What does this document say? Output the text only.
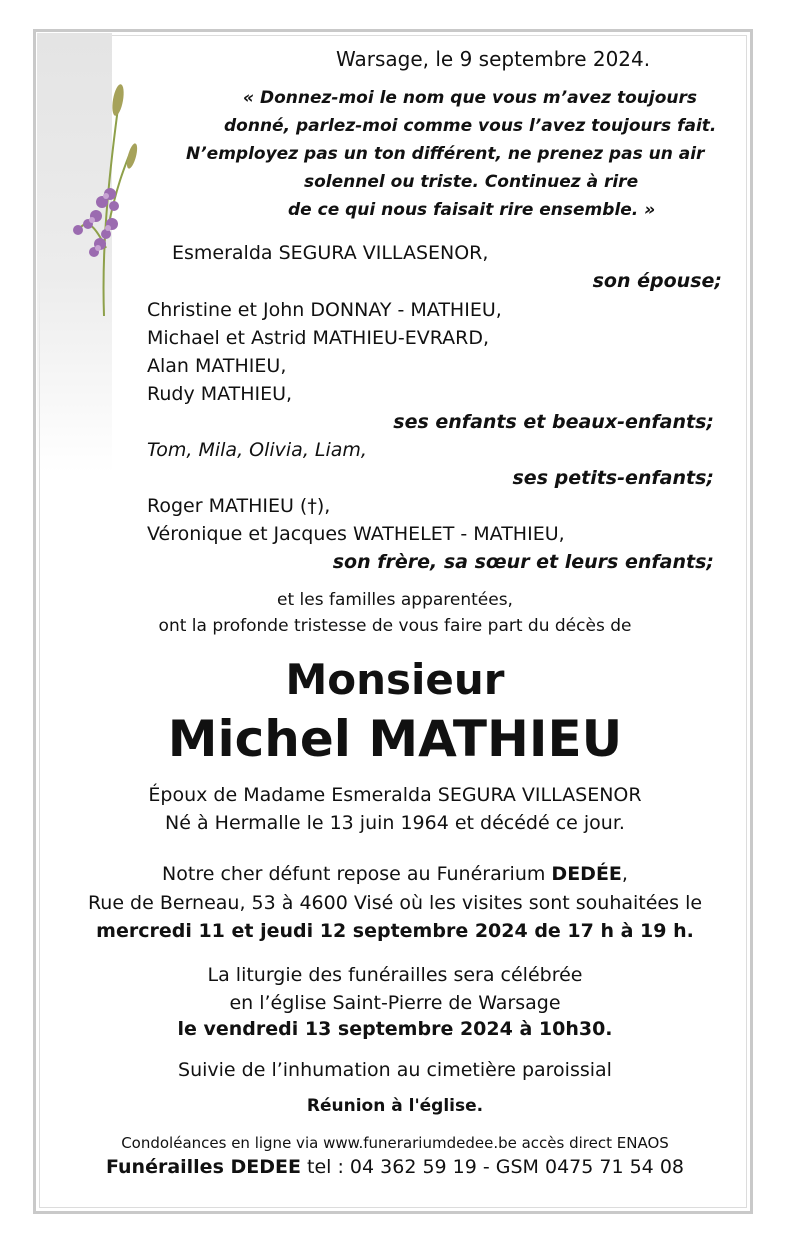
Warsage, le 9 septembre 2024.
« Donnez-moi le nom que vous m’avez toujours
donné, parlez-moi comme vous l’avez toujours fait.
N’employez pas un ton différent, ne prenez pas un air
solennel ou triste. Continuez à rire
de ce qui nous faisait rire ensemble. »
Esmeralda SEGURA VILLASENOR,
son épouse;
Christine et John DONNAY - MATHIEU,
Michael et Astrid MATHIEU-EVRARD,
Alan MATHIEU,
Rudy MATHIEU,
ses enfants et beaux-enfants;
Tom, Mila, Olivia, Liam,
ses petits-enfants;
Roger MATHIEU (†),
Véronique et Jacques WATHELET - MATHIEU,
son frère, sa sœur et leurs enfants;
et les familles apparentées,
ont la profonde tristesse de vous faire part du décès de
Monsieur
Michel MATHIEU
Époux de Madame Esmeralda SEGURA VILLASENOR
Né à Hermalle le 13 juin 1964 et décédé ce jour.
Notre cher défunt repose au Funérarium DEDÉE,
Rue de Berneau, 53 à 4600 Visé où les visites sont souhaitées le
mercredi 11 et jeudi 12 septembre 2024 de 17 h à 19 h.
La liturgie des funérailles sera célébrée
en l’église Saint-Pierre de Warsage
le vendredi 13 septembre 2024 à 10h30.
Suivie de l’inhumation au cimetière paroissial
Réunion à l'église.
Condoléances en ligne via www.funerariumdedee.be accès direct ENAOS
Funérailles DEDEE tel : 04 362 59 19 - GSM 0475 71 54 08
